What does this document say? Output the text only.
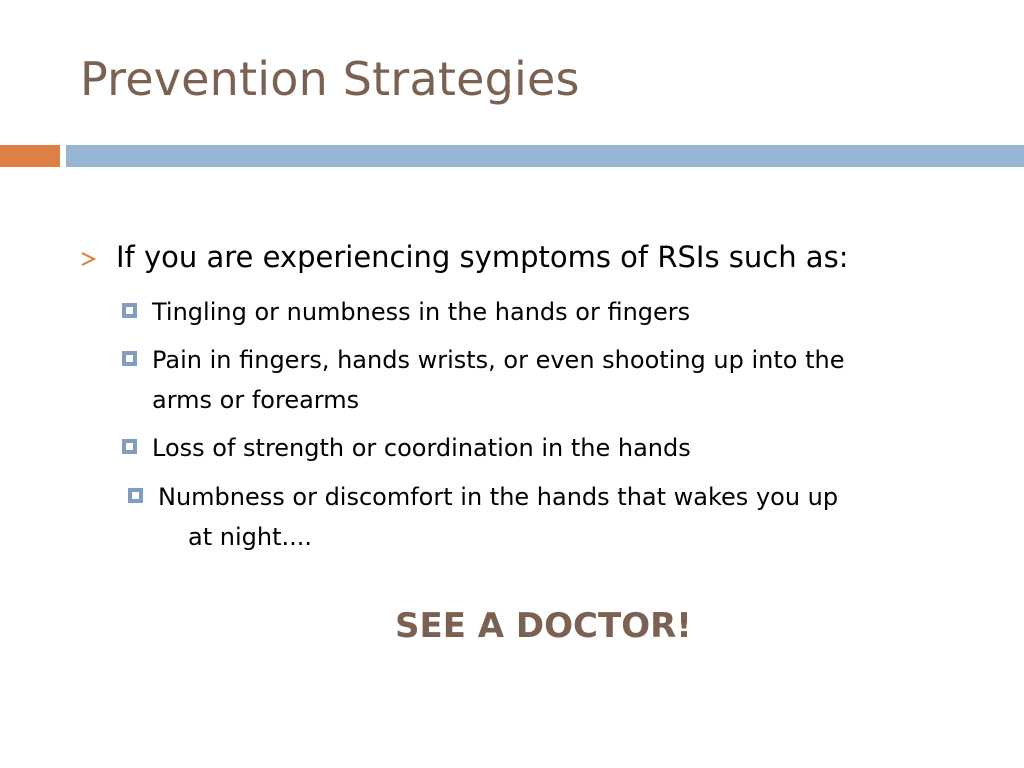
Prevention Strategies
If you are experiencing symptoms of RSIs such as:
Tingling or numbness in the hands or fingers
Pain in fingers, hands wrists, or even shooting up into the
arms or forearms
Loss of strength or coordination in the hands
Numbness or discomfort in the hands that wakes you up
at night....
SEE A DOCTOR!
